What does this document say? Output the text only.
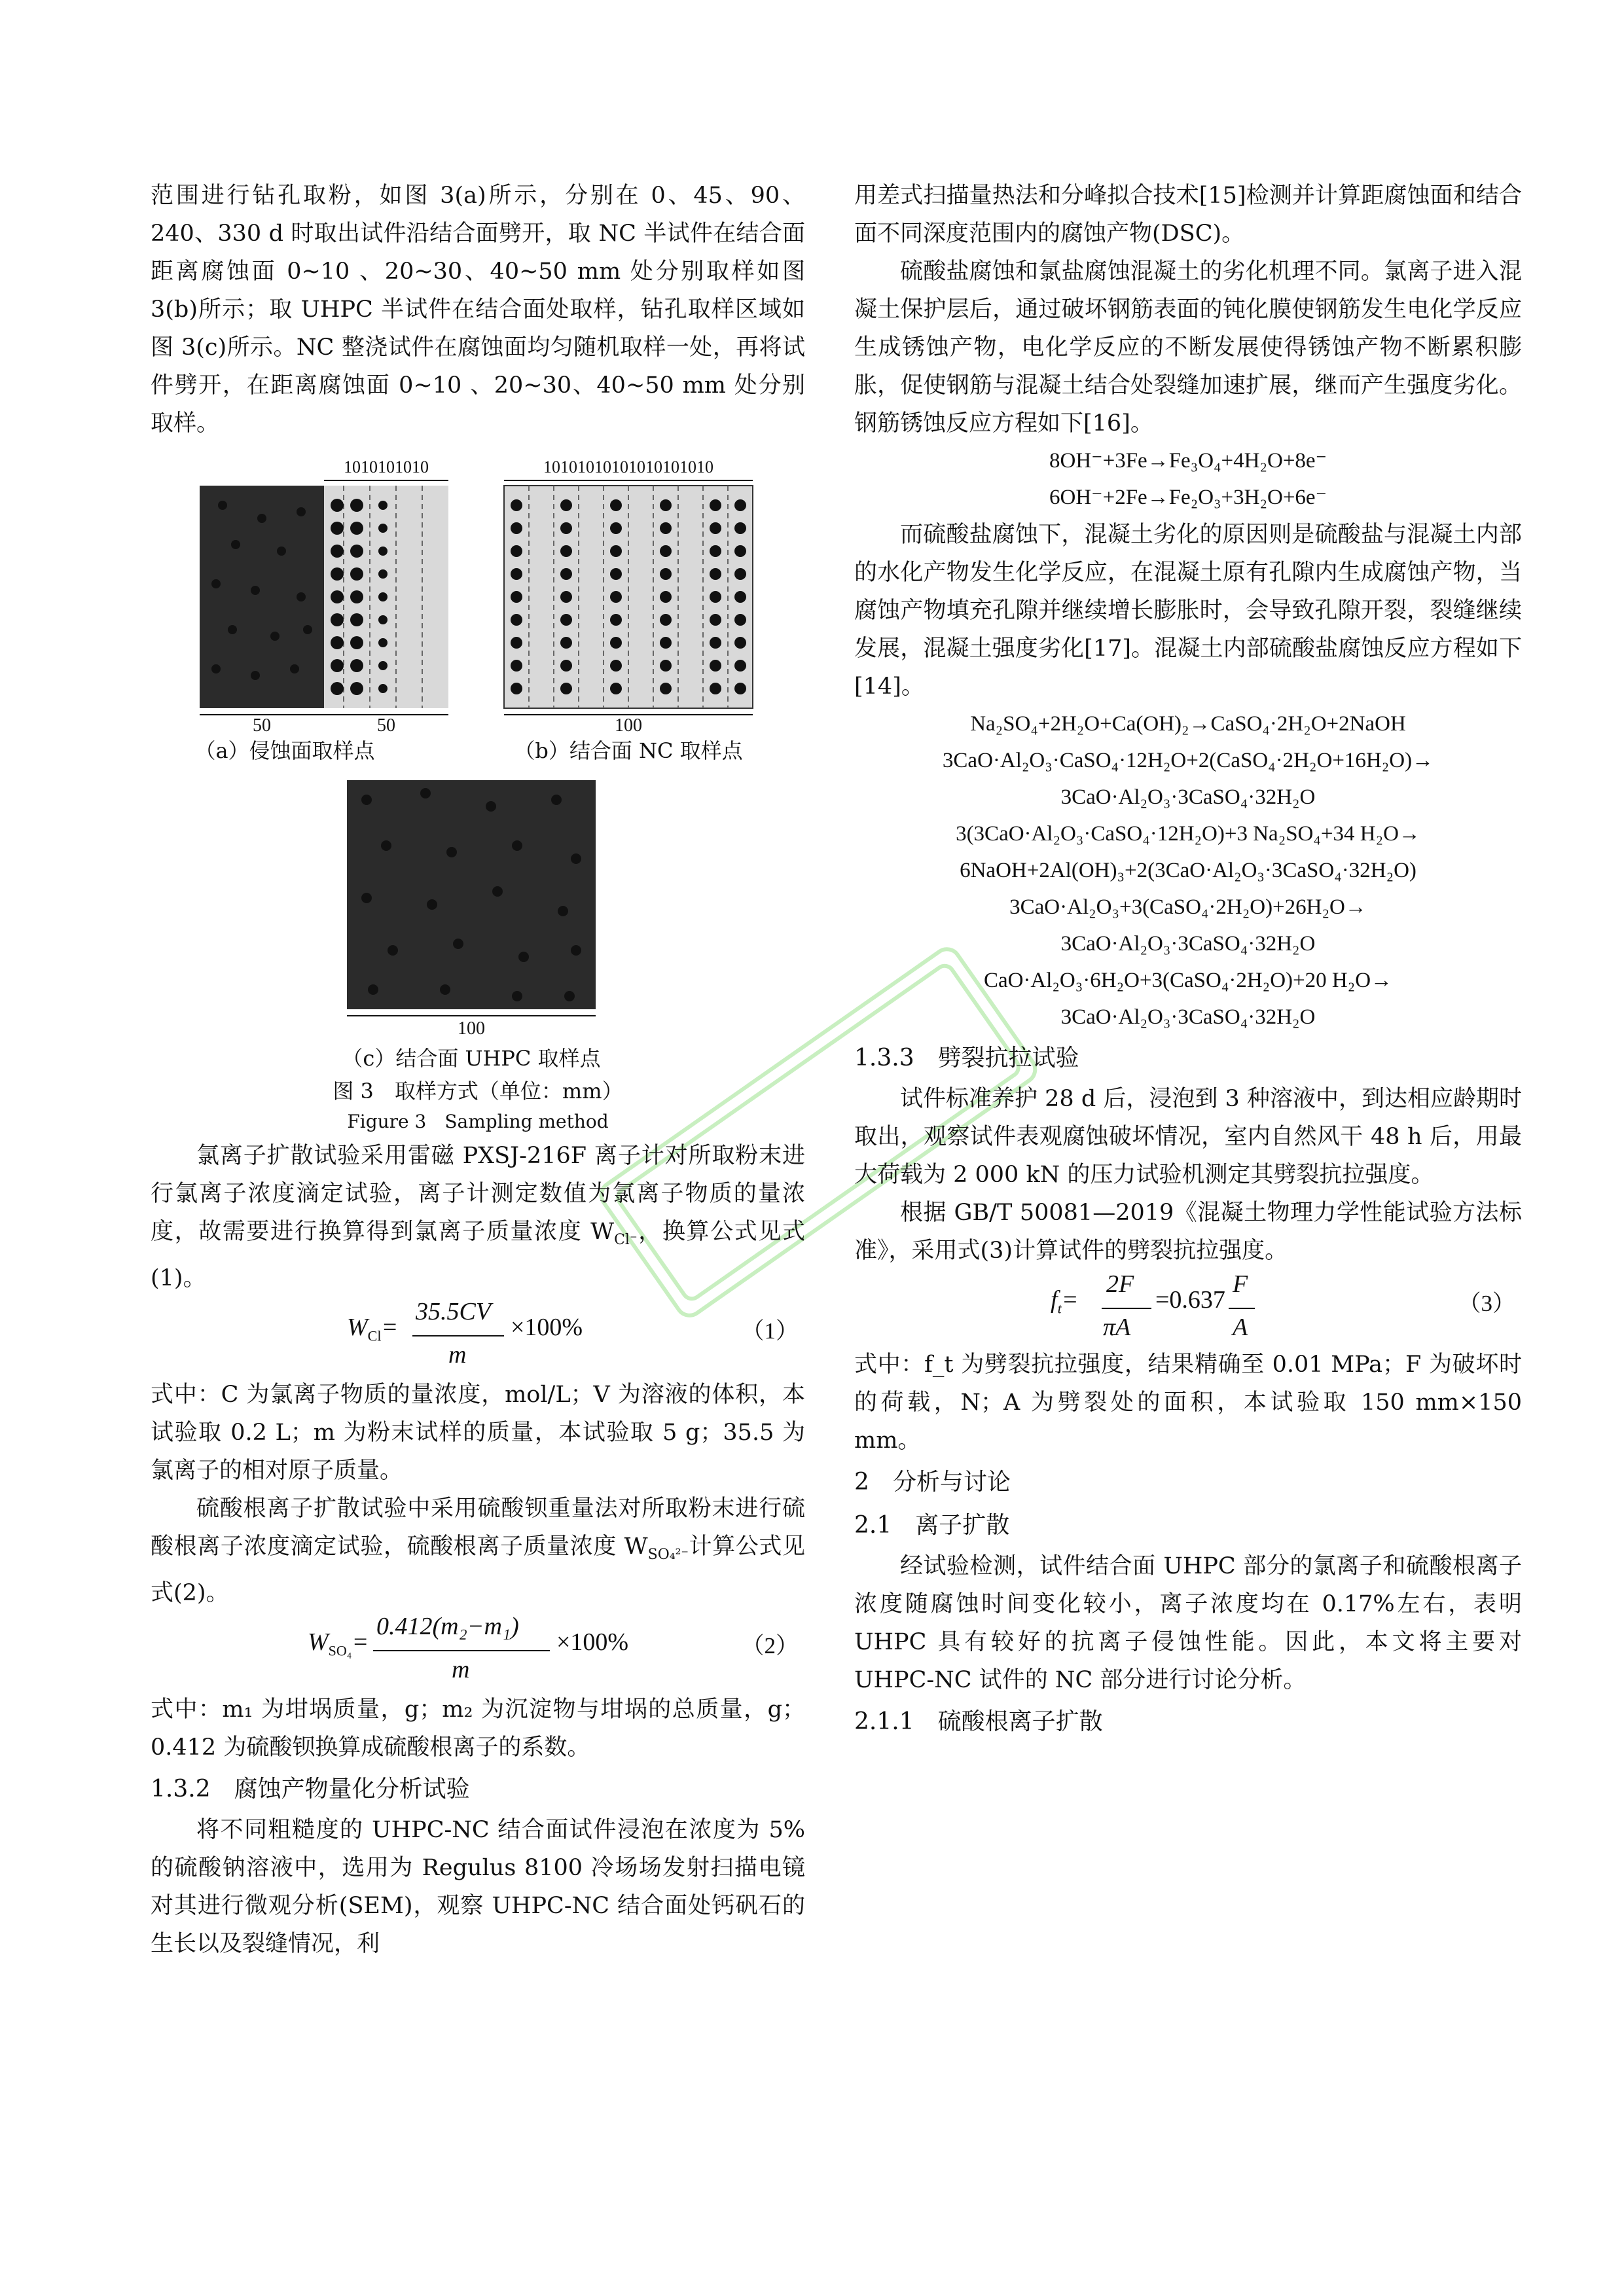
范围进行钻孔取粉，如图 3(a)所示，分别在 0、45、90、240、330 d 时取出试件沿结合面劈开，取 NC 半试件在结合面距离腐蚀面 0~10 、20~30、40~50 mm 处分别取样如图 3(b)所示；取 UHPC 半试件在结合面处取样，钻孔取样区域如图 3(c)所示。NC 整浇试件在腐蚀面均匀随机取样一处，再将试件劈开，在距离腐蚀面 0~10 、20~30、40~50 mm 处分别取样。

1010101010
50	50
10101010101010101010
100
100
（a）侵蚀面取样点	（b）结合面 NC 取样点
（c）结合面 UHPC 取样点
图 3　取样方式（单位：mm）
Figure 3　Sampling method

氯离子扩散试验采用雷磁 PXSJ-216F 离子计对所取粉末进行氯离子浓度滴定试验，离子计测定数值为氯离子物质的量浓度，故需要进行换算得到氯离子质量浓度 $W_{Cl^-}$，换算公式见式(1)。

$W_{Cl}=$
35.5CV
m
×100%	（1）

式中：C 为氯离子物质的量浓度，mol/L；V 为溶液的体积，本试验取 0.2 L；m 为粉末试样的质量，本试验取 5 g；35.5 为氯离子的相对原子质量。

硫酸根离子扩散试验中采用硫酸钡重量法对所取粉末进行硫酸根离子浓度滴定试验，硫酸根离子质量浓度 $W_{SO_4^{2-}}$计算公式见式(2)。

$W_{SO_4}=$
0.412(m₂−m₁)
m
×100%	（2）

式中：m₁ 为坩埚质量，g；m₂ 为沉淀物与坩埚的总质量，g；0.412 为硫酸钡换算成硫酸根离子的系数。

1.3.2　腐蚀产物量化分析试验

将不同粗糙度的 UHPC-NC 结合面试件浸泡在浓度为 5%的硫酸钠溶液中，选用为 Regulus 8100 冷场场发射扫描电镜对其进行微观分析(SEM)，观察 UHPC-NC 结合面处钙矾石的生长以及裂缝情况，利

用差式扫描量热法和分峰拟合技术[15]检测并计算距腐蚀面和结合面不同深度范围内的腐蚀产物(DSC)。

硫酸盐腐蚀和氯盐腐蚀混凝土的劣化机理不同。氯离子进入混凝土保护层后，通过破坏钢筋表面的钝化膜使钢筋发生电化学反应生成锈蚀产物，电化学反应的不断发展使得锈蚀产物不断累积膨胀，促使钢筋与混凝土结合处裂缝加速扩展，继而产生强度劣化。钢筋锈蚀反应方程如下[16]。

8OH⁻+3Fe→Fe₃O₄+4H₂O+8e⁻

6OH⁻+2Fe→Fe₂O₃+3H₂O+6e⁻

而硫酸盐腐蚀下，混凝土劣化的原因则是硫酸盐与混凝土内部的水化产物发生化学反应，在混凝土原有孔隙内生成腐蚀产物，当腐蚀产物填充孔隙并继续增长膨胀时，会导致孔隙开裂，裂缝继续发展，混凝土强度劣化[17]。混凝土内部硫酸盐腐蚀反应方程如下[14]。

Na₂SO₄+2H₂O+Ca(OH)₂→CaSO₄·2H₂O+2NaOH

3CaO·Al₂O₃·CaSO₄·12H₂O+2(CaSO₄·2H₂O+16H₂O)→

3CaO·Al₂O₃·3CaSO₄·32H₂O

3(3CaO·Al₂O₃·CaSO₄·12H₂O)+3 Na₂SO₄+34 H₂O→

6NaOH+2Al(OH)₃+2(3CaO·Al₂O₃·3CaSO₄·32H₂O)

3CaO·Al₂O₃+3(CaSO₄·2H₂O)+26H₂O→

3CaO·Al₂O₃·3CaSO₄·32H₂O

CaO·Al₂O₃·6H₂O+3(CaSO₄·2H₂O)+20 H₂O→

3CaO·Al₂O₃·3CaSO₄·32H₂O

1.3.3　劈裂抗拉试验

试件标准养护 28 d 后，浸泡到 3 种溶液中，到达相应龄期时取出，观察试件表观腐蚀破坏情况，室内自然风干 48 h 后，用最大荷载为 2 000 kN 的压力试验机测定其劈裂抗拉强度。

根据 GB/T 50081—2019《混凝土物理力学性能试验方法标准》，采用式(3)计算试件的劈裂抗拉强度。

$f_t=$
2F
πA
=0.637
F
A
（3）

式中：f_t 为劈裂抗拉强度，结果精确至 0.01 MPa；F 为破坏时的荷载，N；A 为劈裂处的面积，本试验取 150 mm×150 mm。

2　分析与讨论
2.1　离子扩散

经试验检测，试件结合面 UHPC 部分的氯离子和硫酸根离子浓度随腐蚀时间变化较小，离子浓度均在 0.17%左右，表明 UHPC 具有较好的抗离子侵蚀性能。因此，本文将主要对 UHPC-NC 试件的 NC 部分进行讨论分析。

2.1.1　硫酸根离子扩散
